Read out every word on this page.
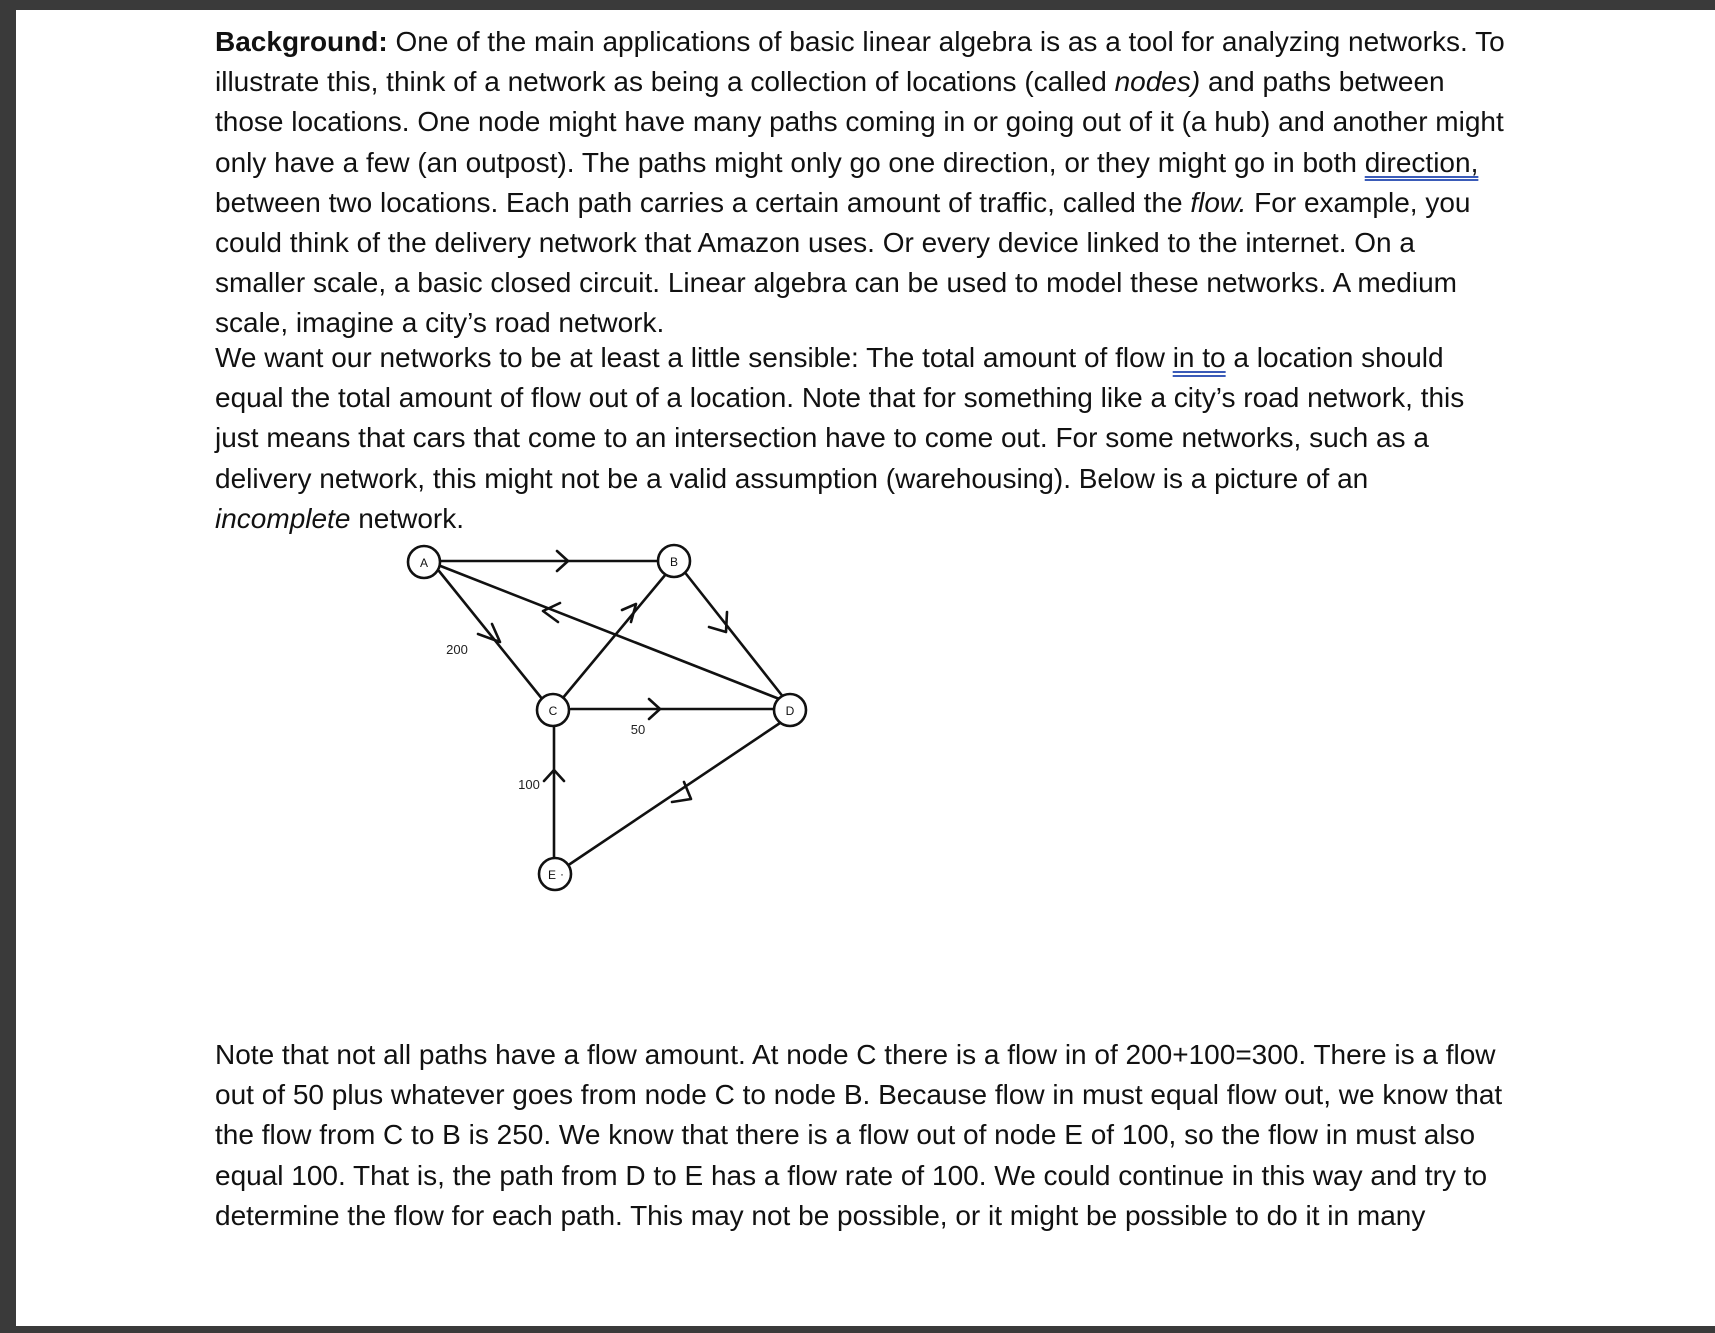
Background: One of the main applications of basic linear algebra is as a tool for analyzing networks. To
illustrate this, think of a network as being a collection of locations (called nodes) and paths between
those locations. One node might have many paths coming in or going out of it (a hub) and another might
only have a few (an outpost). The paths might only go one direction, or they might go in both direction,
between two locations. Each path carries a certain amount of traffic, called the flow. For example, you
could think of the delivery network that Amazon uses. Or every device linked to the internet. On a
smaller scale, a basic closed circuit. Linear algebra can be used to model these networks. A medium
scale, imagine a city’s road network.

We want our networks to be at least a little sensible: The total amount of flow in to a location should
equal the total amount of flow out of a location. Note that for something like a city’s road network, this
just means that cars that come to an intersection have to come out. For some networks, such as a
delivery network, this might not be a valid assumption (warehousing). Below is a picture of an
incomplete network.

Note that not all paths have a flow amount. At node C there is a flow in of 200+100=300. There is a flow
out of 50 plus whatever goes from node C to node B. Because flow in must equal flow out, we know that
the flow from C to B is 250. We know that there is a flow out of node E of 100, so the flow in must also
equal 100. That is, the path from D to E has a flow rate of 100. We could continue in this way and try to
determine the flow for each path. This may not be possible, or it might be possible to do it in many

A	B
C	D
E ·
200
50
100
